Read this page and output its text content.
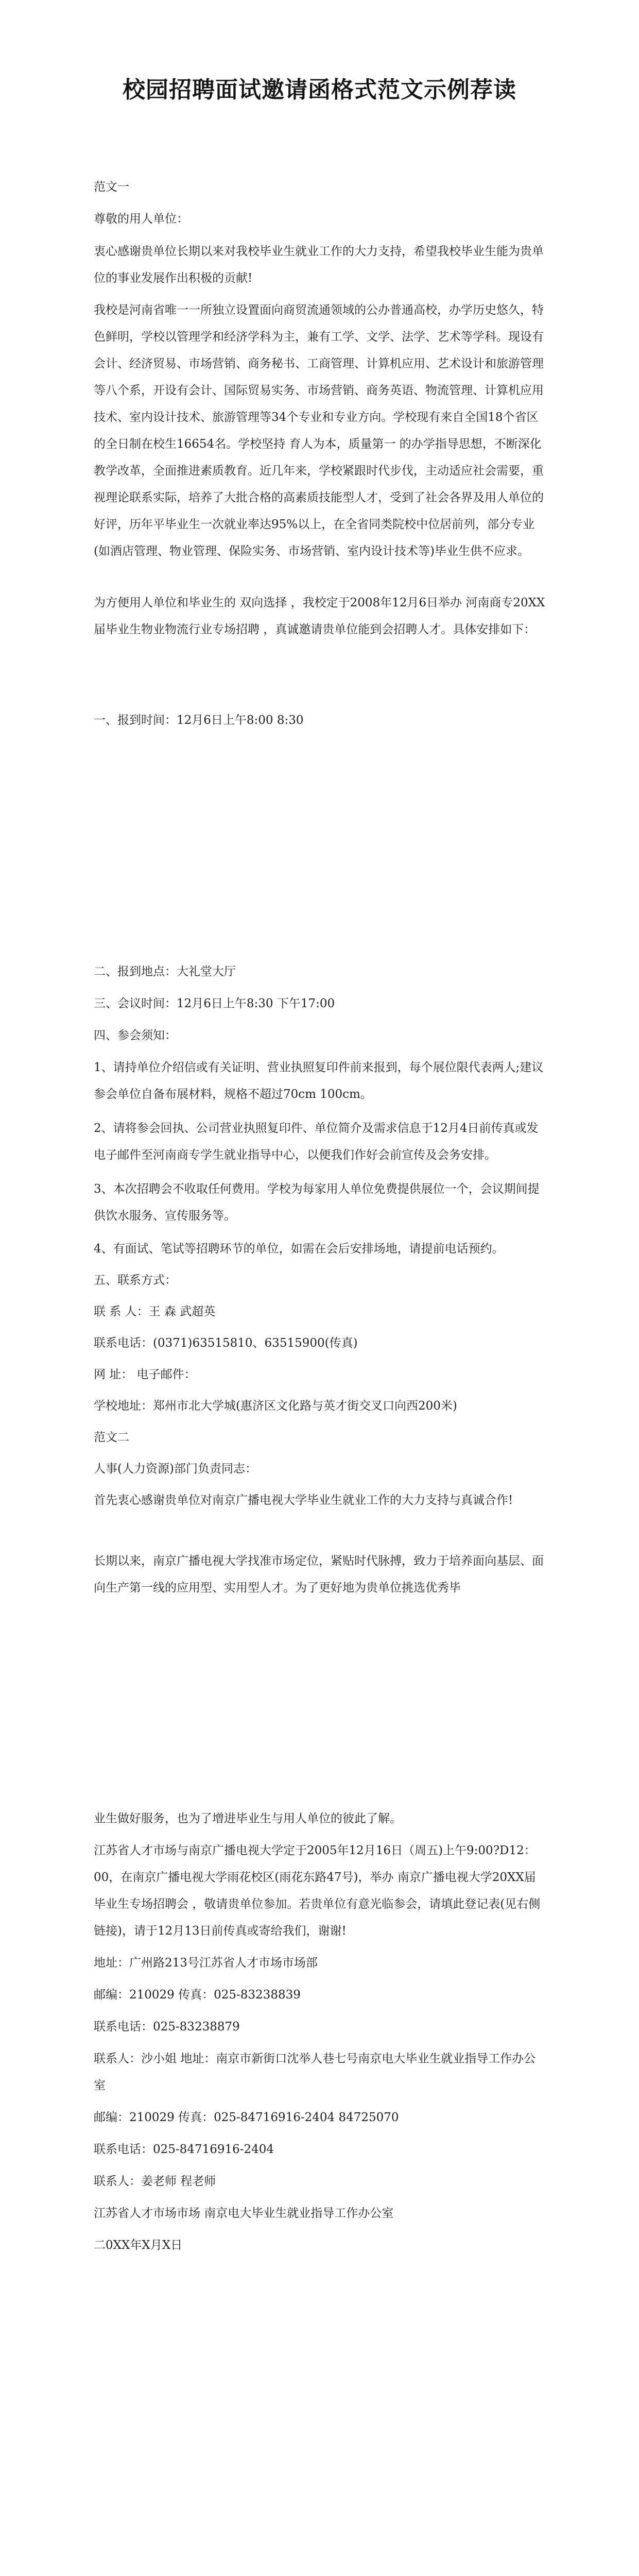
校园招聘面试邀请函格式范文示例荐读

范文一

尊敬的用人单位：

衷心感谢贵单位长期以来对我校毕业生就业工作的大力支持，希望我校毕业生能为贵单位的事业发展作出积极的贡献!

我校是河南省唯一一所独立设置面向商贸流通领域的公办普通高校，办学历史悠久，特色鲜明，学校以管理学和经济学科为主，兼有工学、文学、法学、艺术等学科。现设有会计、经济贸易、市场营销、商务秘书、工商管理、计算机应用、艺术设计和旅游管理等八个系，开设有会计、国际贸易实务、市场营销、商务英语、物流管理、计算机应用技术、室内设计技术、旅游管理等34个专业和专业方向。学校现有来自全国18个省区的全日制在校生16654名。学校坚持 育人为本，质量第一 的办学指导思想，不断深化教学改革，全面推进素质教育。近几年来，学校紧跟时代步伐，主动适应社会需要，重视理论联系实际，培养了大批合格的高素质技能型人才，受到了社会各界及用人单位的好评，历年平毕业生一次就业率达95%以上，在全省同类院校中位居前列，部分专业(如酒店管理、物业管理、保险实务、市场营销、室内设计技术等)毕业生供不应求。

为方便用人单位和毕业生的 双向选择 ，我校定于2008年12月6日举办 河南商专20XX届毕业生物业物流行业专场招聘 ，真诚邀请贵单位能到会招聘人才。具体安排如下：

一、报到时间：12月6日上午8:00 8:30

二、报到地点：大礼堂大厅

三、会议时间：12月6日上午8:30 下午17:00

四、参会须知：

1、请持单位介绍信或有关证明、营业执照复印件前来报到，每个展位限代表两人;建议参会单位自备布展材料，规格不超过70cm 100cm。

2、请将参会回执、公司营业执照复印件、单位简介及需求信息于12月4日前传真或发电子邮件至河南商专学生就业指导中心，以便我们作好会前宣传及会务安排。

3、本次招聘会不收取任何费用。学校为每家用人单位免费提供展位一个，会议期间提供饮水服务、宣传服务等。

4、有面试、笔试等招聘环节的单位，如需在会后安排场地，请提前电话预约。

五、联系方式：

联 系 人：王 森 武超英

联系电话：(0371)63515810、63515900(传真)

网 址： 电子邮件：

学校地址：郑州市北大学城(惠济区文化路与英才街交叉口向西200米)

范文二

人事(人力资源)部门负责同志：

首先衷心感谢贵单位对南京广播电视大学毕业生就业工作的大力支持与真诚合作!

长期以来，南京广播电视大学找准市场定位，紧贴时代脉搏，致力于培养面向基层、面向生产第一线的应用型、实用型人才。为了更好地为贵单位挑选优秀毕

业生做好服务，也为了增进毕业生与用人单位的彼此了解。

江苏省人才市场与南京广播电视大学定于2005年12月16日（周五)上午9:00?D12：00，在南京广播电视大学雨花校区(雨花东路47号)，举办 南京广播电视大学20XX届毕业生专场招聘会 ，敬请贵单位参加。若贵单位有意光临参会，请填此登记表(见右侧链接)，请于12月13日前传真或寄给我们，谢谢!

地址：广州路213号江苏省人才市场市场部

邮编：210029 传真：025-83238839

联系电话：025-83238879

联系人：沙小姐 地址：南京市新街口沈举人巷七号南京电大毕业生就业指导工作办公室

邮编：210029 传真：025-84716916-2404 84725070

联系电话：025-84716916-2404

联系人：姜老师 程老师

江苏省人才市场市场 南京电大毕业生就业指导工作办公室

二0XX年X月X日
